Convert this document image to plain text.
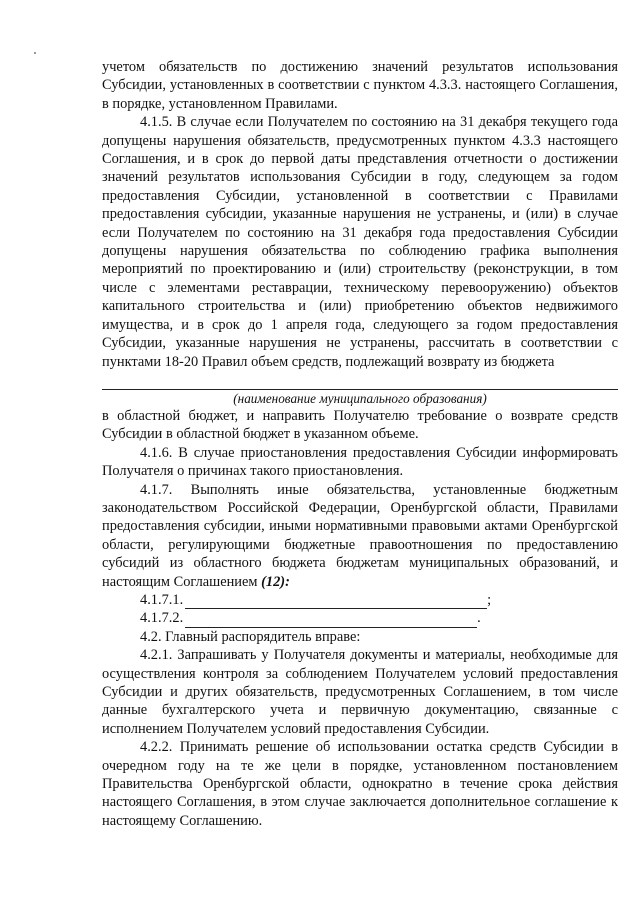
учетом обязательств по достижению значений результатов использования Субсидии, установленных в соответствии с пунктом 4.3.3. настоящего Соглашения, в порядке, установленном Правилами.

4.1.5. В случае если Получателем по состоянию на 31 декабря текущего года допущены нарушения обязательств, предусмотренных пунктом 4.3.3 настоящего Соглашения, и в срок до первой даты представления отчетности о достижении значений результатов использования Субсидии в году, следующем за годом предоставления Субсидии, установленной в соответствии с Правилами предоставления субсидии, указанные нарушения не устранены, и (или) в случае если Получателем по состоянию на 31 декабря года предоставления Субсидии допущены нарушения обязательства по соблюдению графика выполнения мероприятий по проектированию и (или) строительству (реконструкции, в том числе с элементами реставрации, техническому перевооружению) объектов капитального строительства и (или) приобретению объектов недвижимого имущества, и в срок до 1 апреля года, следующего за годом предоставления Субсидии, указанные нарушения не устранены, рассчитать в соответствии с пунктами 18-20 Правил объем средств, подлежащий возврату из бюджета

(наименование муниципального образования)

в областной бюджет, и направить Получателю требование о возврате средств Субсидии в областной бюджет в указанном объеме.

4.1.6. В случае приостановления предоставления Субсидии информировать Получателя о причинах такого приостановления.

4.1.7. Выполнять иные обязательства, установленные бюджетным законодательством Российской Федерации, Оренбургской области, Правилами предоставления субсидии, иными нормативными правовыми актами Оренбургской области, регулирующими бюджетные правоотношения по предоставлению субсидий из областного бюджета бюджетам муниципальных образований, и настоящим Соглашением (12):

4.1.7.1.	;
4.1.7.2.	.

4.2. Главный распорядитель вправе:

4.2.1. Запрашивать у Получателя документы и материалы, необходимые для осуществления контроля за соблюдением Получателем условий предоставления Субсидии и других обязательств, предусмотренных Соглашением, в том числе данные бухгалтерского учета и первичную документацию, связанные с исполнением Получателем условий предоставления Субсидии.

4.2.2. Принимать решение об использовании остатка средств Субсидии в очередном году на те же цели в порядке, установленном постановлением Правительства Оренбургской области, однократно в течение срока действия настоящего Соглашения, в этом случае заключается дополнительное соглашение к настоящему Соглашению.
